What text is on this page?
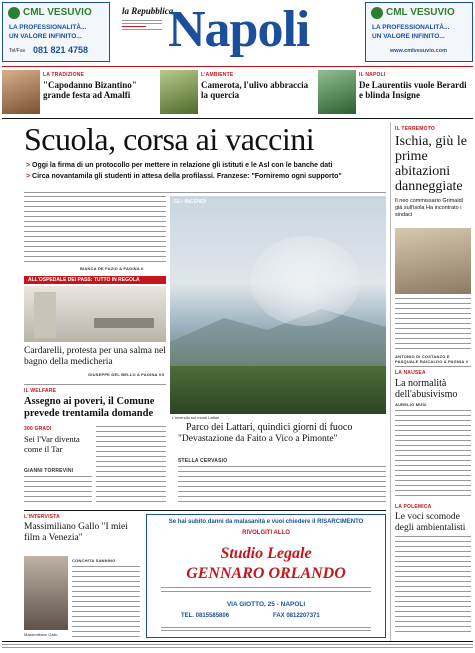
CML VESUVIO
LA PROFESSIONALITÀ...
UN VALORE INFINITO...
Tel/Fax 081 821 4758
la Repubblica
Napoli	CML VESUVIO
LA PROFESSIONALITÀ...
UN VALORE INFINITO...
www.cmlvesuvio.com
LA TRADIZIONE
"Capodanno Bizantino" grande festa ad Amalfi
L'AMBIENTE
Camerota, l'ulivo abbraccia la quercia
IL NAPOLI
De Laurentiis vuole Berardi e blinda Insigne
Scuola, corsa ai vaccini
> Oggi la firma di un protocollo per mettere in relazione gli istituti e le Asl con le banche dati
> Circa novantamila gli studenti in attesa della profilassi. Franzese: "Forniremo ogni supporto"
BIANCA DE FAZIO A PAGINA II
ALL'OSPEDALE DEI PASS: TUTTO IN REGOLA
Cardarelli, protesta per una salma nel bagno della medicheria
GIUSEPPE DEL BELLO A PAGINA VII
GLI INCENDI
L'incendio sui monti Lattari
IL TERREMOTO
Ischia, giù le prime abitazioni danneggiate
Il neo commissario Grimaldi già sull'isola Ha incontrato i sindaci
ANTONIO DI COSTANZO E PASQUALE RAICALDO A PAGINA V
LA NAUSEA
La normalità dell'abusivismo
AURELIO MUSI
LA POLEMICA
Le voci scomode degli ambientalisti
IL WELFARE
Assegno ai poveri, il Comune prevede trentamila domande
300 GRADI
Sei l'Var diventa come il Tar
GIANNI TORREVINI
Parco dei Lattari, quindici giorni di fuoco
"Devastazione da Faito a Vico a Pimonte"
STELLA CERVASIO
L'INTERVISTA
Massimiliano Gallo "I miei film a Venezia"
Massimiliano Gallo
CONCHITA SANNINO
Se hai subito danni da malasanità e vuoi chiedere il RISARCIMENTO
RIVOLGITI ALLO
Studio Legale
GENNARO ORLANDO
VIA GIOTTO, 25 - NAPOLI
TEL. 0815585806	FAX 0812207371
